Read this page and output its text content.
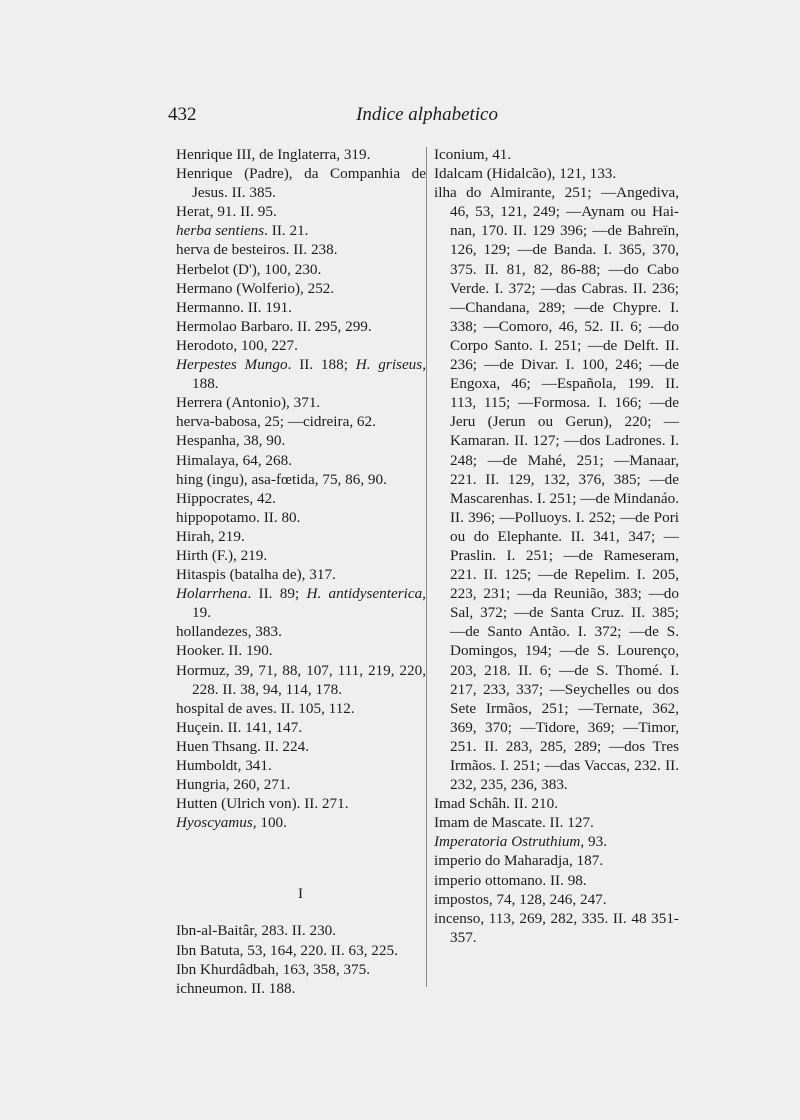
432	Indice alphabetico
Henrique III, de Inglaterra, 319.
Henrique (Padre), da Companhia de Jesus. II. 385.
Herat, 91. II. 95.
herba sentiens. II. 21.
herva de besteiros. II. 238.
Herbelot (D'), 100, 230.
Hermano (Wolferio), 252.
Hermanno. II. 191.
Hermolao Barbaro. II. 295, 299.
Herodoto, 100, 227.
Herpestes Mungo. II. 188; H. griseus, 188.
Herrera (Antonio), 371.
herva-babosa, 25; —cidreira, 62.
Hespanha, 38, 90.
Himalaya, 64, 268.
hing (ingu), asa-fœtida, 75, 86, 90.
Hippocrates, 42.
hippopotamo. II. 80.
Hirah, 219.
Hirth (F.), 219.
Hitaspis (batalha de), 317.
Holarrhena. II. 89; H. antidysenterica, 19.
hollandezes, 383.
Hooker. II. 190.
Hormuz, 39, 71, 88, 107, 111, 219, 220, 228. II. 38, 94, 114, 178.
hospital de aves. II. 105, 112.
Huçein. II. 141, 147.
Huen Thsang. II. 224.
Humboldt, 341.
Hungria, 260, 271.
Hutten (Ulrich von). II. 271.
Hyoscyamus, 100.
I
Ibn-al-Baitâr, 283. II. 230.
Ibn Batuta, 53, 164, 220. II. 63, 225.
Ibn Khurdâdbah, 163, 358, 375.
ichneumon. II. 188.
Iconium, 41.
Idalcam (Hidalcão), 121, 133.
ilha do Almirante, 251; —Angediva, 46, 53, 121, 249; —Aynam ou Hai-nan, 170. II. 129 396; —de Bahreïn, 126, 129; —de Banda. I. 365, 370, 375. II. 81, 82, 86-88; —do Cabo Verde. I. 372; —das Cabras. II. 236; —Chandana, 289; —de Chypre. I. 338; —Comoro, 46, 52. II. 6; —do Corpo Santo. I. 251; —de Delft. II. 236; —de Divar. I. 100, 246; —de Engoxa, 46; —Española, 199. II. 113, 115; —Formosa. I. 166; —de Jeru (Jerun ou Gerun), 220; —Kamaran. II. 127; —dos Ladrones. I. 248; —de Mahé, 251; —Manaar, 221. II. 129, 132, 376, 385; —de Mascarenhas. I. 251; —de Mindanáo. II. 396; —Polluoys. I. 252; —de Pori ou do Elephante. II. 341, 347; —Praslin. I. 251; —de Rameseram, 221. II. 125; —de Repelim. I. 205, 223, 231; —da Reunião, 383; —do Sal, 372; —de Santa Cruz. II. 385; —de Santo Antão. I. 372; —de S. Domingos, 194; —de S. Lourenço, 203, 218. II. 6; —de S. Thomé. I. 217, 233, 337; —Seychelles ou dos Sete Irmãos, 251; —Ternate, 362, 369, 370; —Tidore, 369; —Timor, 251. II. 283, 285, 289; —dos Tres Irmãos. I. 251; —das Vaccas, 232. II. 232, 235, 236, 383.
Imad Schâh. II. 210.
Imam de Mascate. II. 127.
Imperatoria Ostruthium, 93.
imperio do Maharadja, 187.
imperio ottomano. II. 98.
impostos, 74, 128, 246, 247.
incenso, 113, 269, 282, 335. II. 48 351-357.
